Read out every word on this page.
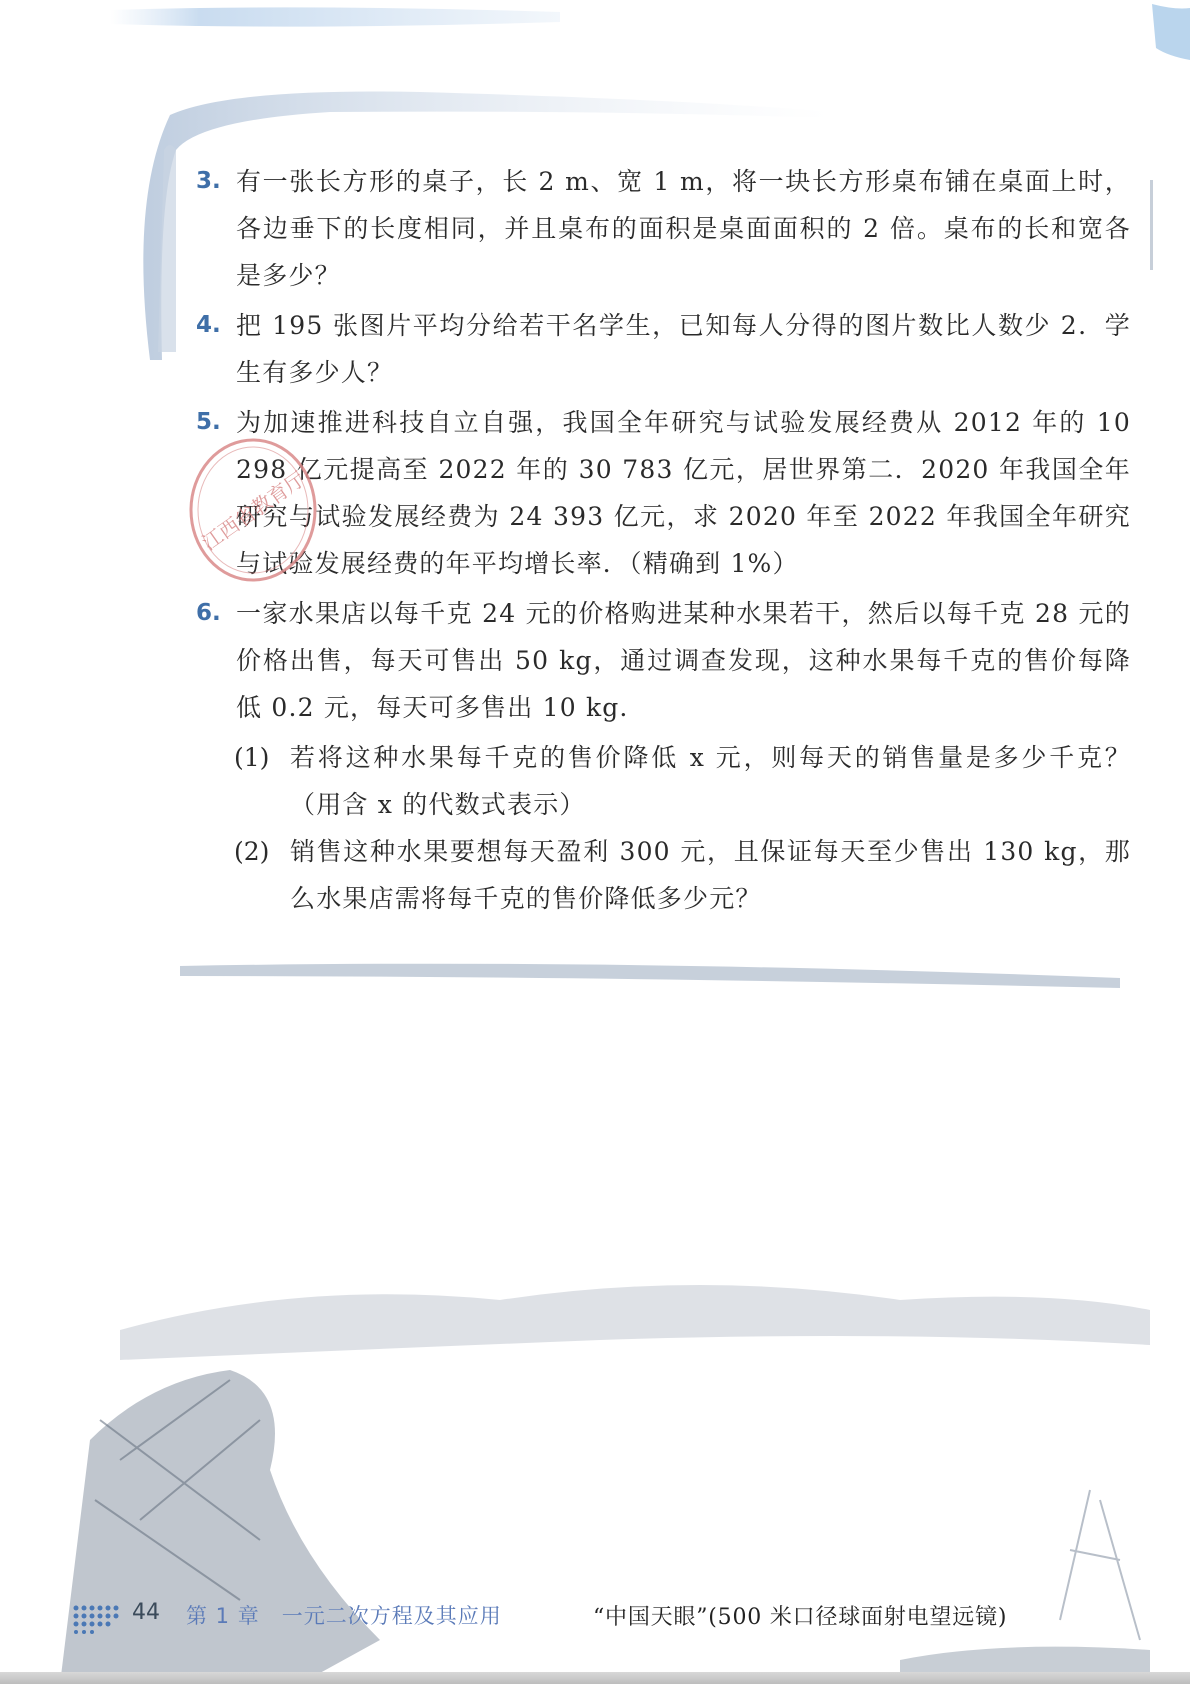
3. 有一张长方形的桌子，长 2 m、宽 1 m，将一块长方形桌布铺在桌面上时，各边垂下的长度相同，并且桌布的面积是桌面面积的 2 倍。桌布的长和宽各是多少？
4. 把 195 张图片平均分给若干名学生，已知每人分得的图片数比人数少 2．学生有多少人？
5. 为加速推进科技自立自强，我国全年研究与试验发展经费从 2012 年的 10 298 亿元提高至 2022 年的 30 783 亿元，居世界第二．2020 年我国全年研究与试验发展经费为 24 393 亿元，求 2020 年至 2022 年我国全年研究与试验发展经费的年平均增长率．（精确到 1%）
6. 一家水果店以每千克 24 元的价格购进某种水果若干，然后以每千克 28 元的价格出售，每天可售出 50 kg，通过调查发现，这种水果每千克的售价每降低 0.2 元，每天可多售出 10 kg．
(1) 若将这种水果每千克的售价降低 x 元，则每天的销售量是多少千克？（用含 x 的代数式表示）
(2) 销售这种水果要想每天盈利 300 元，且保证每天至少售出 130 kg，那么水果店需将每千克的售价降低多少元？
江西省教育厅
44 第 1 章　一元二次方程及其应用	“中国天眼”(500 米口径球面射电望远镜)
